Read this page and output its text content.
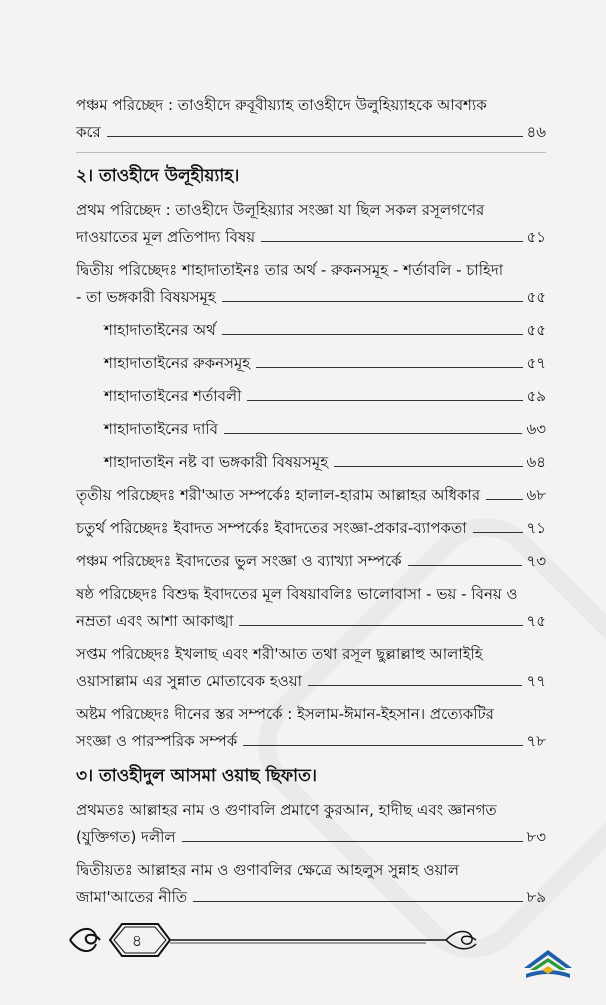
পঞ্চম পরিচ্ছেদ : তাওহীদে রুবূবীয়্যাহ তাওহীদে উলুহিয়্যাহকে আবশ্যক
করে	৪৬
২। তাওহীদে উলূহীয়্যাহ।
প্রথম পরিচ্ছেদ : তাওহীদে উলূহিয়্যার সংজ্ঞা যা ছিল সকল রসূলগণের
দাওয়াতের মূল প্রতিপাদ্য বিষয়	৫১
দ্বিতীয় পরিচ্ছেদঃ শাহাদাতাইনঃ তার অর্থ - রুকনসমূহ - শর্তাবলি - চাহিদা
- তা ভঙ্গকারী বিষয়সমূহ	৫৫
শাহাদাতাইনের অর্থ	৫৫
শাহাদাতাইনের রুকনসমূহ	৫৭
শাহাদাতাইনের শর্তাবলী	৫৯
শাহাদাতাইনের দাবি	৬৩
শাহাদাতাইন নষ্ট বা ভঙ্গকারী বিষয়সমূহ	৬৪
তৃতীয় পরিচ্ছেদঃ শরী'আত সম্পর্কেঃ হালাল-হারাম আল্লাহর অধিকার	৬৮
চতুর্থ পরিচ্ছেদঃ ইবাদত সম্পর্কেঃ ইবাদতের সংজ্ঞা-প্রকার-ব্যাপকতা	৭১
পঞ্চম পরিচ্ছেদঃ ইবাদতের ভুল সংজ্ঞা ও ব্যাখ্যা সম্পর্কে	৭৩
ষষ্ঠ পরিচ্ছেদঃ বিশুদ্ধ ইবাদতের মূল বিষয়াবলিঃ ভালোবাসা - ভয় - বিনয় ও
নম্রতা এবং আশা আকাঙ্খা	৭৫
সপ্তম পরিচ্ছেদঃ ইখলাছ এবং শরী'আত তথা রসূল ছুল্লাল্লাহু আলাইহি
ওয়াসাল্লাম এর সুন্নাত মোতাবেক হওয়া	৭৭
অষ্টম পরিচ্ছেদঃ দীনের স্তর সম্পর্কে : ইসলাম-ঈমান-ইহসান। প্রত্যেকটির
সংজ্ঞা ও পারস্পরিক সম্পর্ক	৭৮
৩। তাওহীদুল আসমা ওয়াছ ছিফাত।
প্রথমতঃ আল্লাহর নাম ও গুণাবলি প্রমাণে কুরআন, হাদীছ এবং জ্ঞানগত
(যুক্তিগত) দলীল	৮৩
দ্বিতীয়তঃ আল্লাহর নাম ও গুণাবলির ক্ষেত্রে আহলুস সুন্নাহ ওয়াল
জামা'আতের নীতি	৮৯
৪
